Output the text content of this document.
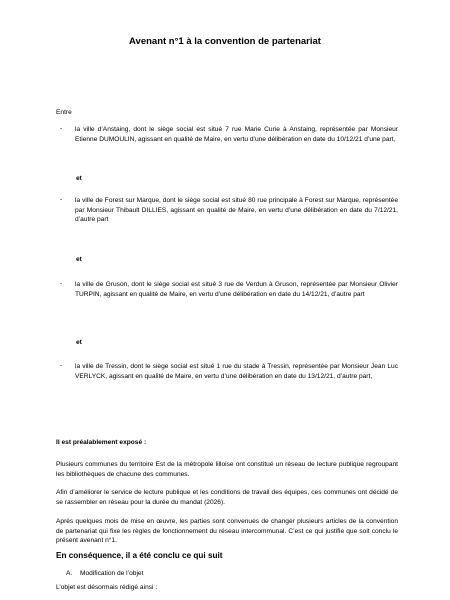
Avenant n°1 à la convention de partenariat
Entre
- la ville d’Anstaing, dont le siège social est situé 7 rue Marie Curie à Anstaing, représentée par Monsieur Etienne DUMOULIN, agissant en qualité de Maire, en vertu d’une délibération en date du 10/12/21 d’une part,
et
- la ville de Forest sur Marque, dont le siège social est situé 80 rue principale à Forest sur Marque, représentée par Monsieur Thibault DILLIES, agissant en qualité de Maire, en vertu d’une délibération en date du 7/12/21, d’autre part
et
- la ville de Gruson, dont le siège social est situé 3 rue de Verdun à Gruson, représentée par Monsieur Olivier TURPIN, agissant en qualité de Maire, en vertu d’une délibération en date du 14/12/21, d’autre part
et
- la ville de Tressin, dont le siège social est situé 1 rue du stade à Tressin, représentée par Monsieur Jean Luc VERLYCK, agissant en qualité de Maire, en vertu d’une délibération en date du 13/12/21, d’autre part,
Il est préalablement exposé :
Plusieurs communes du territoire Est de la métropole lilloise ont constitué un réseau de lecture publique regroupant les bibliothèques de chacune des communes.
Afin d’améliorer le service de lecture publique et les conditions de travail des équipes, ces communes ont décidé de se rassembler en réseau pour la durée du mandat (2026).
Après quelques mois de mise en œuvre, les parties sont convenues de changer plusieurs articles de la convention de partenariat qui fixe les règles de fonctionnement du réseau intercommunal. C’est ce qui justifie que soit conclu le présent avenant n°1.
En conséquence, il a été conclu ce qui suit
A. Modification de l’objet
L’objet est désormais rédigé ainsi :
